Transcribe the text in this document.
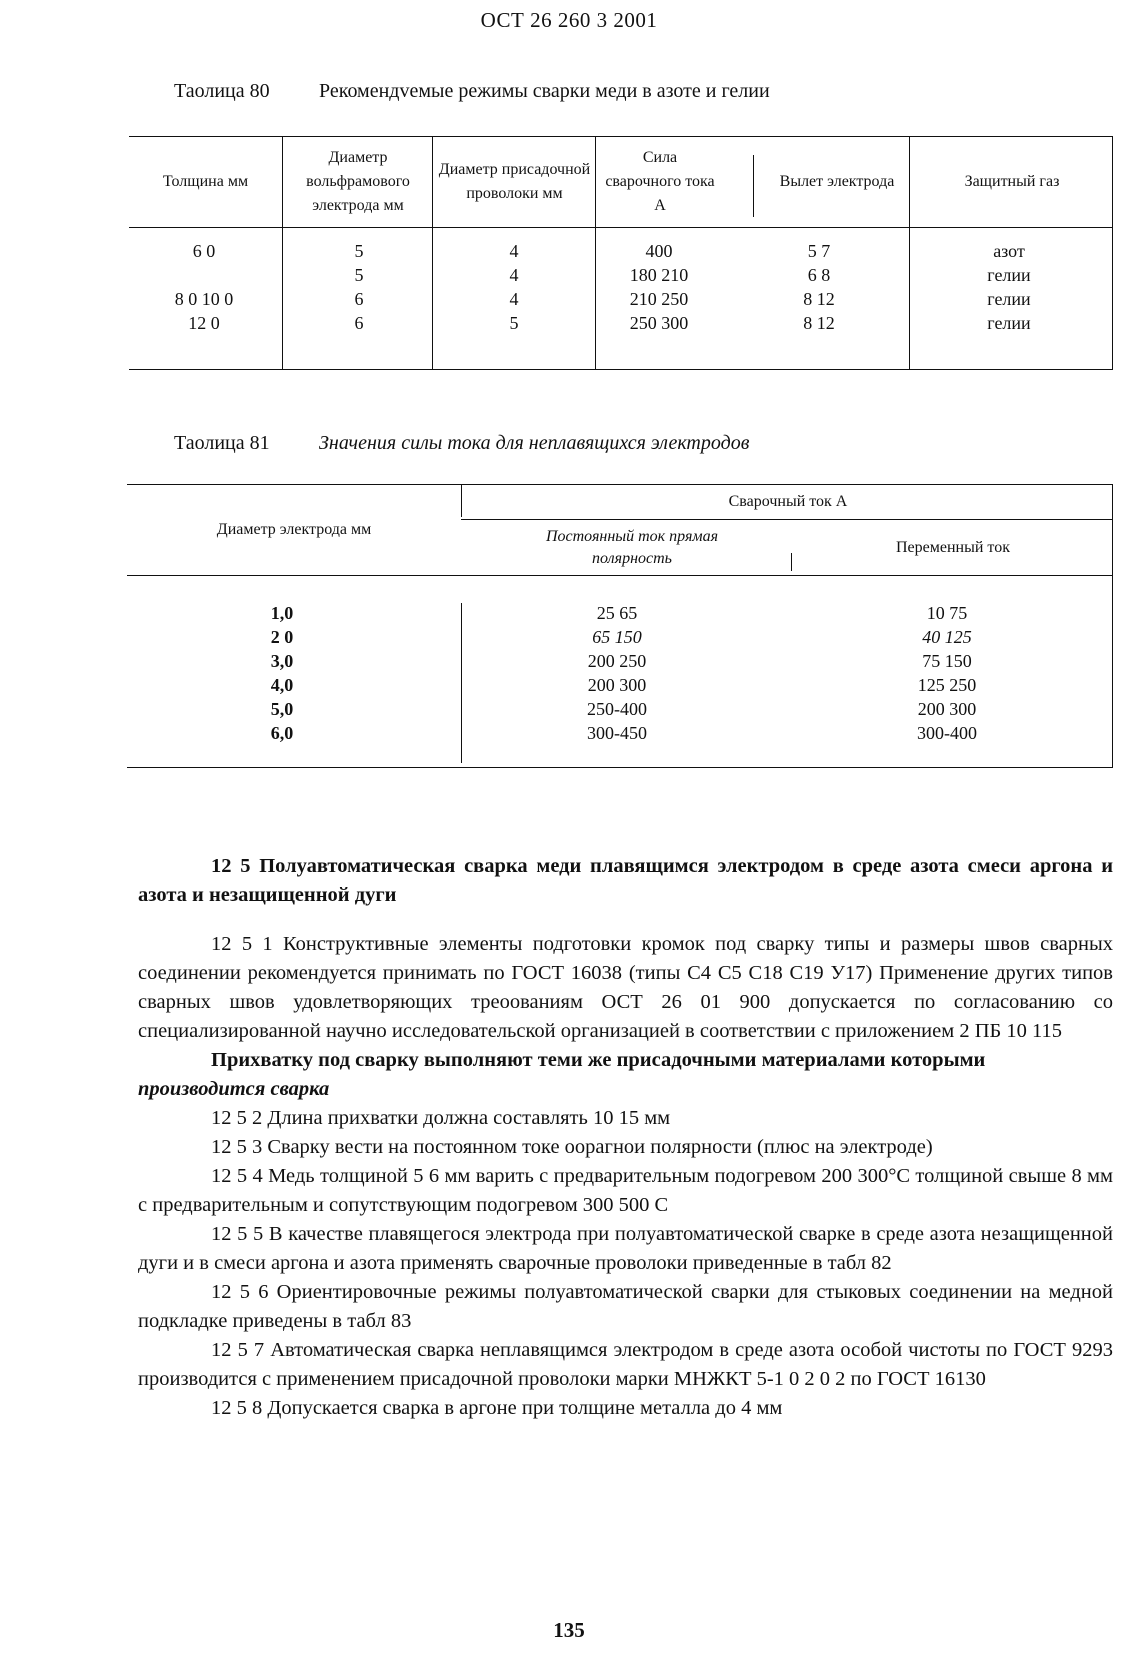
ОСТ 26 260 3 2001
Таолица 80 Рекомендvемые режимы сварки меди в азоте и гелии
Толщина мм
Диаметр вольфрамового электрода мм
Диаметр присадочной проволоки мм
Сила сварочного тока А
Вылет электрода	Защитный газ
6 0
8 0 10 0
12 0
5
5
6
6
4
4
4
5
400
180 210
210 250
250 300
5 7
6 8
8 12
8 12
азот
гелии
гелии
гелии
Таолица 81 Значения силы тока для неплавящихся электродов
Диаметр электрода мм
Сварочный ток А
Постоянный ток прямая полярность
Переменный ток
1,0
2 0
3,0
4,0
5,0
6,0
25 65
65 150
200 250
200 300
250-400
300-450
10 75
40 125
75 150
125 250
200 300
300-400

12 5 Полуавтоматическая сварка меди плавящимся электродом в среде азота смеси аргона и азота и незащищенной дуги

12 5 1 Конструктивные элементы подготовки кромок под сварку типы и размеры швов сварных соединении рекомендуется принимать по ГОСТ 16038 (типы С4 С5 С18 С19 У17) Применение других типов сварных швов удовлетворяющих треоованиям ОСТ 26 01 900 допускается по согласованию со специализированной научно исследовательской организацией в соответствии с приложением 2 ПБ 10 115

Прихватку под сварку выполняют теми же присадочными материалами которыми

производится сварка

12 5 2 Длина прихватки должна составлять 10 15 мм

12 5 3 Сварку вести на постоянном токе оорагнои полярности (плюс на электроде)

12 5 4 Медь толщиной 5 6 мм варить с предварительным подогревом 200 300°С толщиной свыше 8 мм с предварительным и сопутствующим подогревом 300 500 С

12 5 5 В качестве плавящегося электрода при полуавтоматической сварке в среде азота незащищенной дуги и в смеси аргона и азота применять сварочные проволоки приведенные в табл 82

12 5 6 Ориентировочные режимы полуавтоматической сварки для стыковых соединении на медной подкладке приведены в табл 83

12 5 7 Автоматическая сварка неплавящимся электродом в среде азота особой чистоты по ГОСТ 9293 производится с применением присадочной проволоки марки МНЖКТ 5-1 0 2 0 2 по ГОСТ 16130

12 5 8 Допускается сварка в аргоне при толщине металла до 4 мм

135
